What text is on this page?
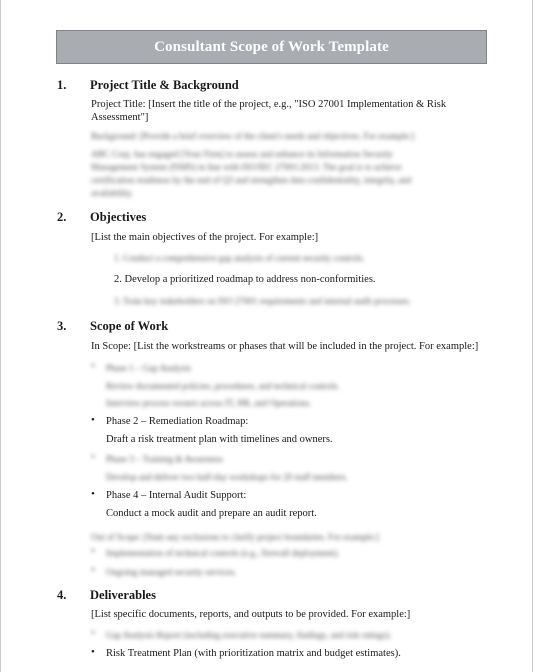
Consultant Scope of Work Template
1. Project Title & Background
Project Title: [Insert the title of the project, e.g., "ISO 27001 Implementation & Risk
Assessment"]
Background: [Provide a brief overview of the client's needs and objectives. For example:]
ABC Corp. has engaged [Your Firm] to assess and enhance its Information Security
Management System (ISMS) in line with ISO/IEC 27001:2013. The goal is to achieve
certification readiness by the end of Q3 and strengthen data confidentiality, integrity, and
availability.
2. Objectives
[List the main objectives of the project. For example:]
1. Conduct a comprehensive gap analysis of current security controls.
2. Develop a prioritized roadmap to address non-conformities.
3. Train key stakeholders on ISO 27001 requirements and internal audit processes.
3. Scope of Work
In Scope: [List the workstreams or phases that will be included in the project. For example:]
• Phase 1 – Gap Analysis
Review documented policies, procedures, and technical controls.
Interview process owners across IT, HR, and Operations.
• Phase 2 – Remediation Roadmap:
Draft a risk treatment plan with timelines and owners.
• Phase 3 – Training & Awareness
Develop and deliver two half-day workshops for 20 staff members.
• Phase 4 – Internal Audit Support:
Conduct a mock audit and prepare an audit report.
Out of Scope: [State any exclusions to clarify project boundaries. For example:]
• Implementation of technical controls (e.g., firewall deployment).
• Ongoing managed security services.
4. Deliverables
[List specific documents, reports, and outputs to be provided. For example:]
• Gap Analysis Report (including executive summary, findings, and risk ratings).
• Risk Treatment Plan (with prioritization matrix and budget estimates).
